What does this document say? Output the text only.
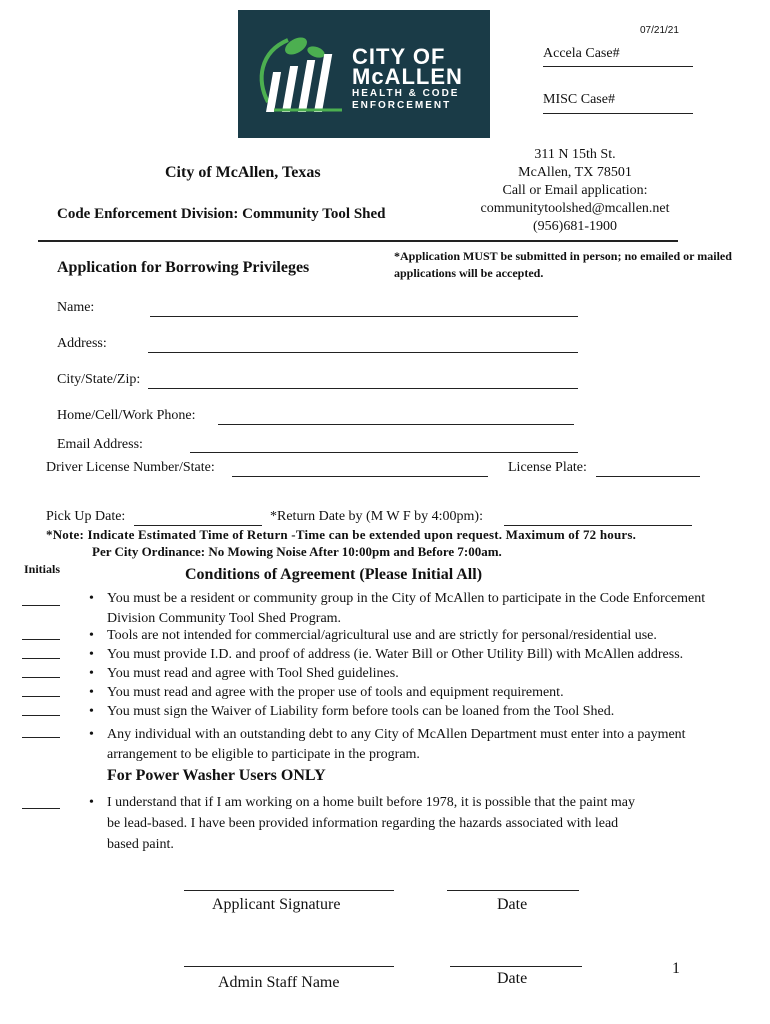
07/21/21
CITY OF
McALLEN
HEALTH & CODE
ENFORCEMENT
Accela Case#
MISC Case#
311 N 15th St.
McAllen, TX 78501
Call or Email application:
communitytoolshed@mcallen.net
(956)681-1900
City of McAllen, Texas
Code Enforcement Division: Community Tool Shed
Application for Borrowing Privileges
*Application MUST be submitted in person; no emailed or mailed applications will be accepted.
Name:
Address:
City/State/Zip:
Home/Cell/Work Phone:
Email Address:
Driver License Number/State:	License Plate:
Pick Up Date:	*Return Date by (M W F by 4:00pm):
*Note: Indicate Estimated Time of Return -Time can be extended upon request. Maximum of 72 hours.
Per City Ordinance: No Mowing Noise After 10:00pm and Before 7:00am.
Initials	Conditions of Agreement (Please Initial All)
• You must be a resident or community group in the City of McAllen to participate in the Code Enforcement Division Community Tool Shed Program.
• Tools are not intended for commercial/agricultural use and are strictly for personal/residential use.
• You must provide I.D. and proof of address (ie. Water Bill or Other Utility Bill) with McAllen address.
• You must read and agree with Tool Shed guidelines.
• You must read and agree with the proper use of tools and equipment requirement.
• You must sign the Waiver of Liability form before tools can be loaned from the Tool Shed.
• Any individual with an outstanding debt to any City of McAllen Department must enter into a payment arrangement to be eligible to participate in the program.
For Power Washer Users ONLY
• I understand that if I am working on a home built before 1978, it is possible that the paint may be lead-based. I have been provided information regarding the hazards associated with lead based paint.
Applicant Signature	Date
Admin Staff Name	Date
1
